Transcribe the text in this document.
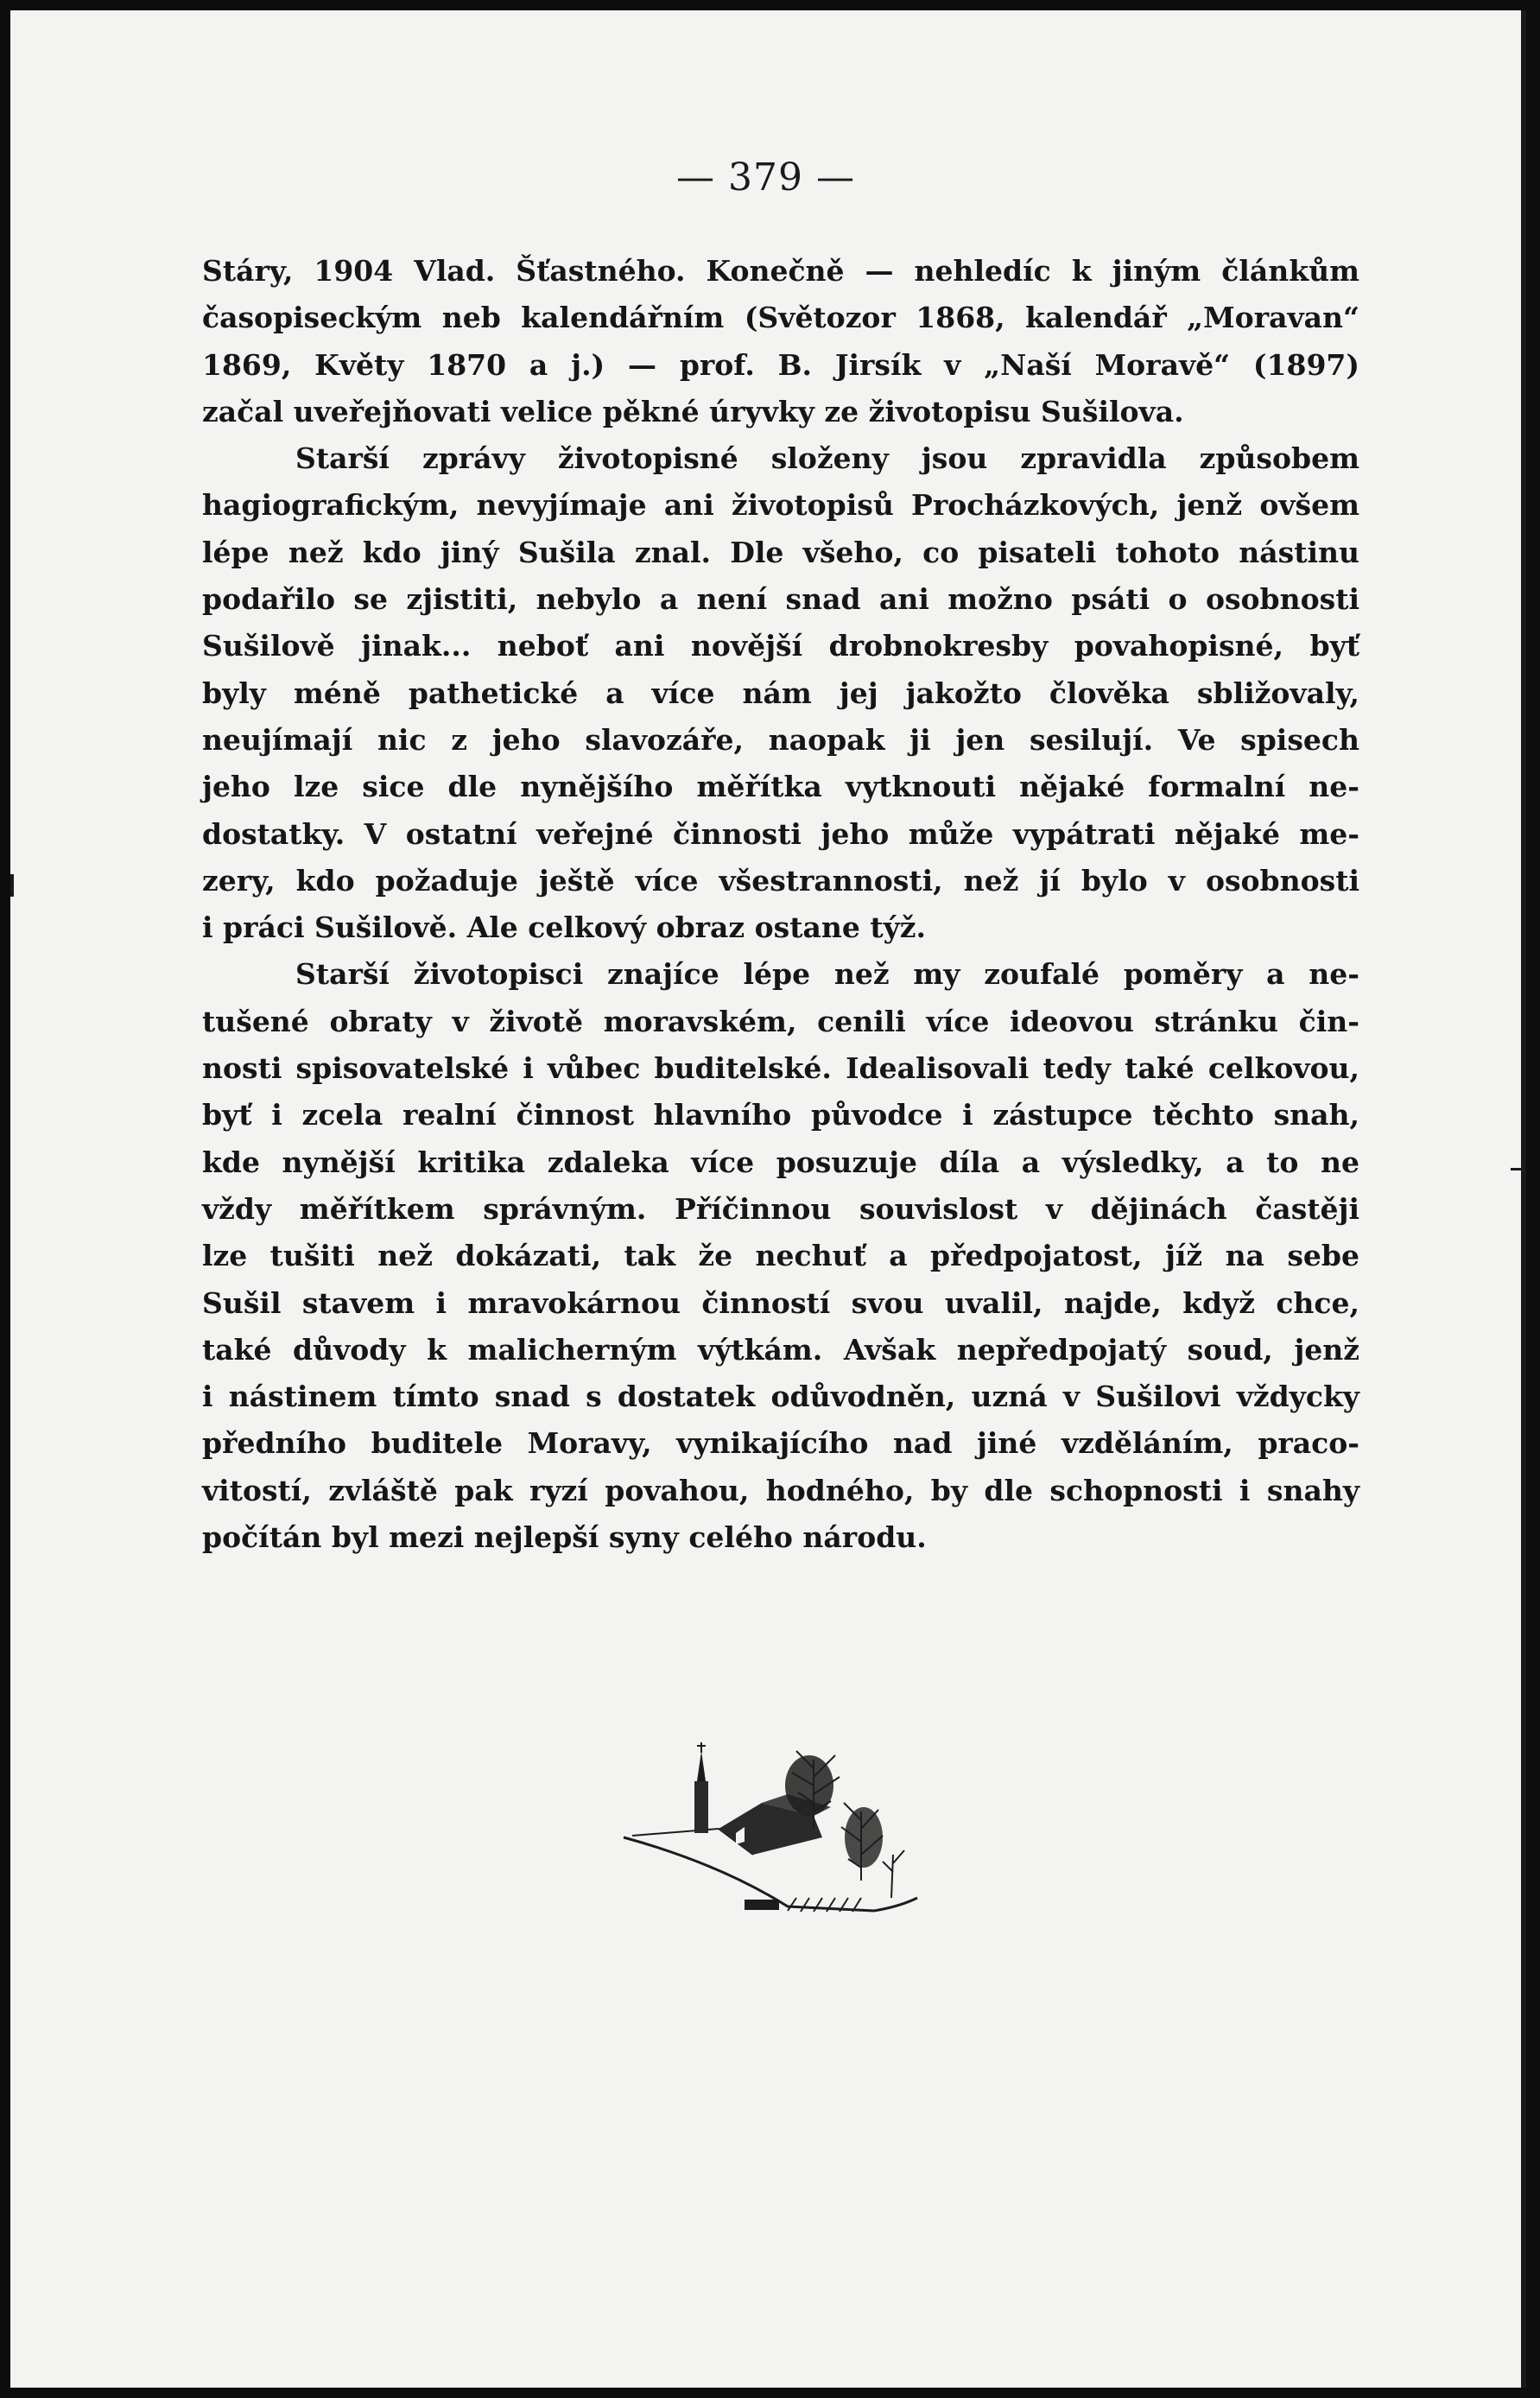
— 379 —
Stáry, 1904 Vlad. Šťastného. Konečně — nehledíc k jiným článkům
časopiseckým neb kalendářním (Světozor 1868, kalendář „Moravan“
1869, Květy 1870 a j.) — prof. B. Jirsík v „Naší Moravě“ (1897)
začal uveřejňovati velice pěkné úryvky ze životopisu Sušilova.
Starší zprávy životopisné složeny jsou zpravidla způsobem
hagiografickým, nevyjímaje ani životopisů Procházkových, jenž ovšem
lépe než kdo jiný Sušila znal. Dle všeho, co pisateli tohoto nástinu
podařilo se zjistiti, nebylo a není snad ani možno psáti o osobnosti
Sušilově jinak... neboť ani novější drobnokresby povahopisné, byť
byly méně pathetické a více nám jej jakožto člověka sbližovaly,
neujímají nic z jeho slavozáře, naopak ji jen sesilují. Ve spisech
jeho lze sice dle nynějšího měřítka vytknouti nějaké formalní ne-
dostatky. V ostatní veřejné činnosti jeho může vypátrati nějaké me-
zery, kdo požaduje ještě více všestrannosti, než jí bylo v osobnosti
i práci Sušilově. Ale celkový obraz ostane týž.
Starší životopisci znajíce lépe než my zoufalé poměry a ne-
tušené obraty v životě moravském, cenili více ideovou stránku čin-
nosti spisovatelské i vůbec buditelské. Idealisovali tedy také celkovou,
byť i zcela realní činnost hlavního původce i zástupce těchto snah,
kde nynější kritika zdaleka více posuzuje díla a výsledky, a to ne
vždy měřítkem správným. Příčinnou souvislost v dějinách častěji
lze tušiti než dokázati, tak že nechuť a předpojatost, jíž na sebe
Sušil stavem i mravokárnou činností svou uvalil, najde, když chce,
také důvody k malicherným výtkám. Avšak nepředpojatý soud, jenž
i nástinem tímto snad s dostatek odůvodněn, uzná v Sušilovi vždycky
předního buditele Moravy, vynikajícího nad jiné vzděláním, praco-
vitostí, zvláště pak ryzí povahou, hodného, by dle schopnosti i snahy
počítán byl mezi nejlepší syny celého národu.
